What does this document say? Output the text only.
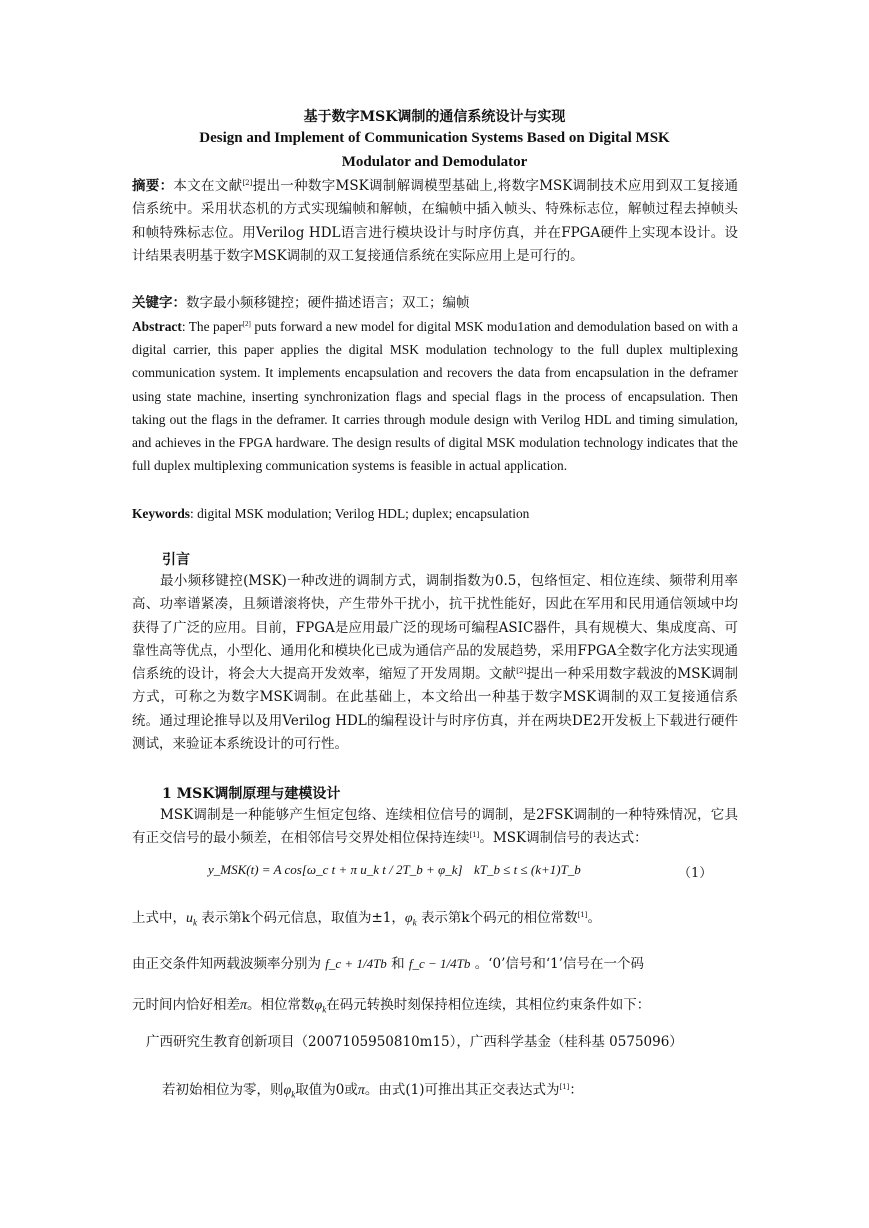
基于数字MSK调制的通信系统设计与实现
Design and Implement of Communication Systems Based on Digital MSK
Modulator and Demodulator
摘要：本文在文献[2]提出一种数字MSK调制解调模型基础上,将数字MSK调制技术应用到双工复接通信系统中。采用状态机的方式实现编帧和解帧，在编帧中插入帧头、特殊标志位，解帧过程去掉帧头和帧特殊标志位。用Verilog HDL语言进行模块设计与时序仿真，并在FPGA硬件上实现本设计。设计结果表明基于数字MSK调制的双工复接通信系统在实际应用上是可行的。
关键字：数字最小频移键控；硬件描述语言；双工；编帧
Abstract: The paper[2] puts forward a new model for digital MSK modu1ation and demodulation based on with a digital carrier, this paper applies the digital MSK modulation technology to the full duplex multiplexing communication system. It implements encapsulation and recovers the data from encapsulation in the deframer using state machine, inserting synchronization flags and special flags in the process of encapsulation. Then taking out the flags in the deframer. It carries through module design with Verilog HDL and timing simulation, and achieves in the FPGA hardware. The design results of digital MSK modulation technology indicates that the full duplex multiplexing communication systems is feasible in actual application.
Keywords: digital MSK modulation; Verilog HDL; duplex; encapsulation
引言
最小频移键控(MSK)一种改进的调制方式，调制指数为0.5，包络恒定、相位连续、频带利用率高、功率谱紧凑，且频谱滚将快，产生带外干扰小，抗干扰性能好，因此在军用和民用通信领域中均获得了广泛的应用。目前，FPGA是应用最广泛的现场可编程ASIC器件，具有规模大、集成度高、可靠性高等优点，小型化、通用化和模块化已成为通信产品的发展趋势，采用FPGA全数字化方法实现通信系统的设计，将会大大提高开发效率，缩短了开发周期。文献[2]提出一种采用数字载波的MSK调制方式，可称之为数字MSK调制。在此基础上，本文给出一种基于数字MSK调制的双工复接通信系统。通过理论推导以及用Verilog HDL的编程设计与时序仿真，并在两块DE2开发板上下载进行硬件测试，来验证本系统设计的可行性。
1 MSK调制原理与建模设计
MSK调制是一种能够产生恒定包络、连续相位信号的调制，是2FSK调制的一种特殊情况，它具有正交信号的最小频差，在相邻信号交界处相位保持连续[1]。MSK调制信号的表达式：
y_MSK(t) = A cos[ω_c t + π u_k t / 2T_b + φ_k] kT_b ≤ t ≤ (k+1)T_b	（1）
上式中，$u_k$ 表示第k个码元信息，取值为±1，$\varphi_k$ 表示第k个码元的相位常数[1]。
由正交条件知两载波频率分别为 f_c + 1/4Tb 和 f_c − 1/4Tb 。‘0’信号和‘1’信号在一个码
元时间内恰好相差π。相位常数$\varphi_k$在码元转换时刻保持相位连续，其相位约束条件如下：
广西研究生教育创新项目（2007105950810m15），广西科学基金（桂科基 0575096）
若初始相位为零，则$\varphi_k$取值为0或π。由式(1)可推出其正交表达式为[1]：
